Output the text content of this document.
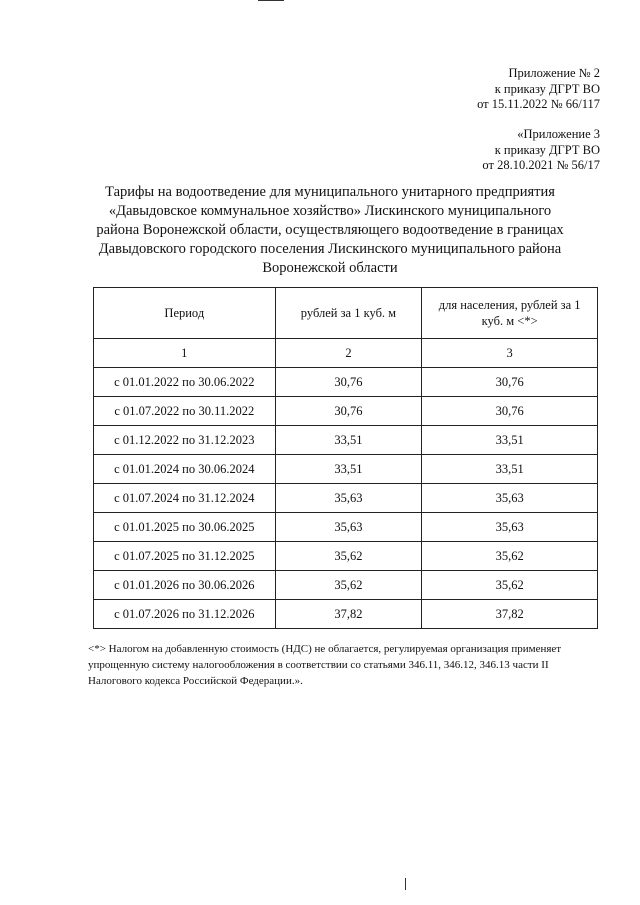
Приложение № 2
к приказу ДГРТ ВО
от 15.11.2022 № 66/117
«Приложение 3
к приказу ДГРТ ВО
от 28.10.2021 № 56/17
Тарифы на водоотведение для муниципального унитарного предприятия
«Давыдовское коммунальное хозяйство» Лискинского муниципального
района Воронежской области, осуществляющего водоотведение в границах
Давыдовского городского поселения Лискинского муниципального района
Воронежской области
Период	рублей за 1 куб. м	для населения, рублей за 1 куб. м <*>
1	2	3
с 01.01.2022 по 30.06.2022	30,76	30,76
с 01.07.2022 по 30.11.2022	30,76	30,76
с 01.12.2022 по 31.12.2023	33,51	33,51
с 01.01.2024 по 30.06.2024	33,51	33,51
с 01.07.2024 по 31.12.2024	35,63	35,63
с 01.01.2025 по 30.06.2025	35,63	35,63
с 01.07.2025 по 31.12.2025	35,62	35,62
с 01.01.2026 по 30.06.2026	35,62	35,62
с 01.07.2026 по 31.12.2026	37,82	37,82
<*> Налогом на добавленную стоимость (НДС) не облагается, регулируемая организация применяет
упрощенную систему налогообложения в соответствии со статьями 346.11, 346.12, 346.13 части II
Налогового кодекса Российской Федерации.».
